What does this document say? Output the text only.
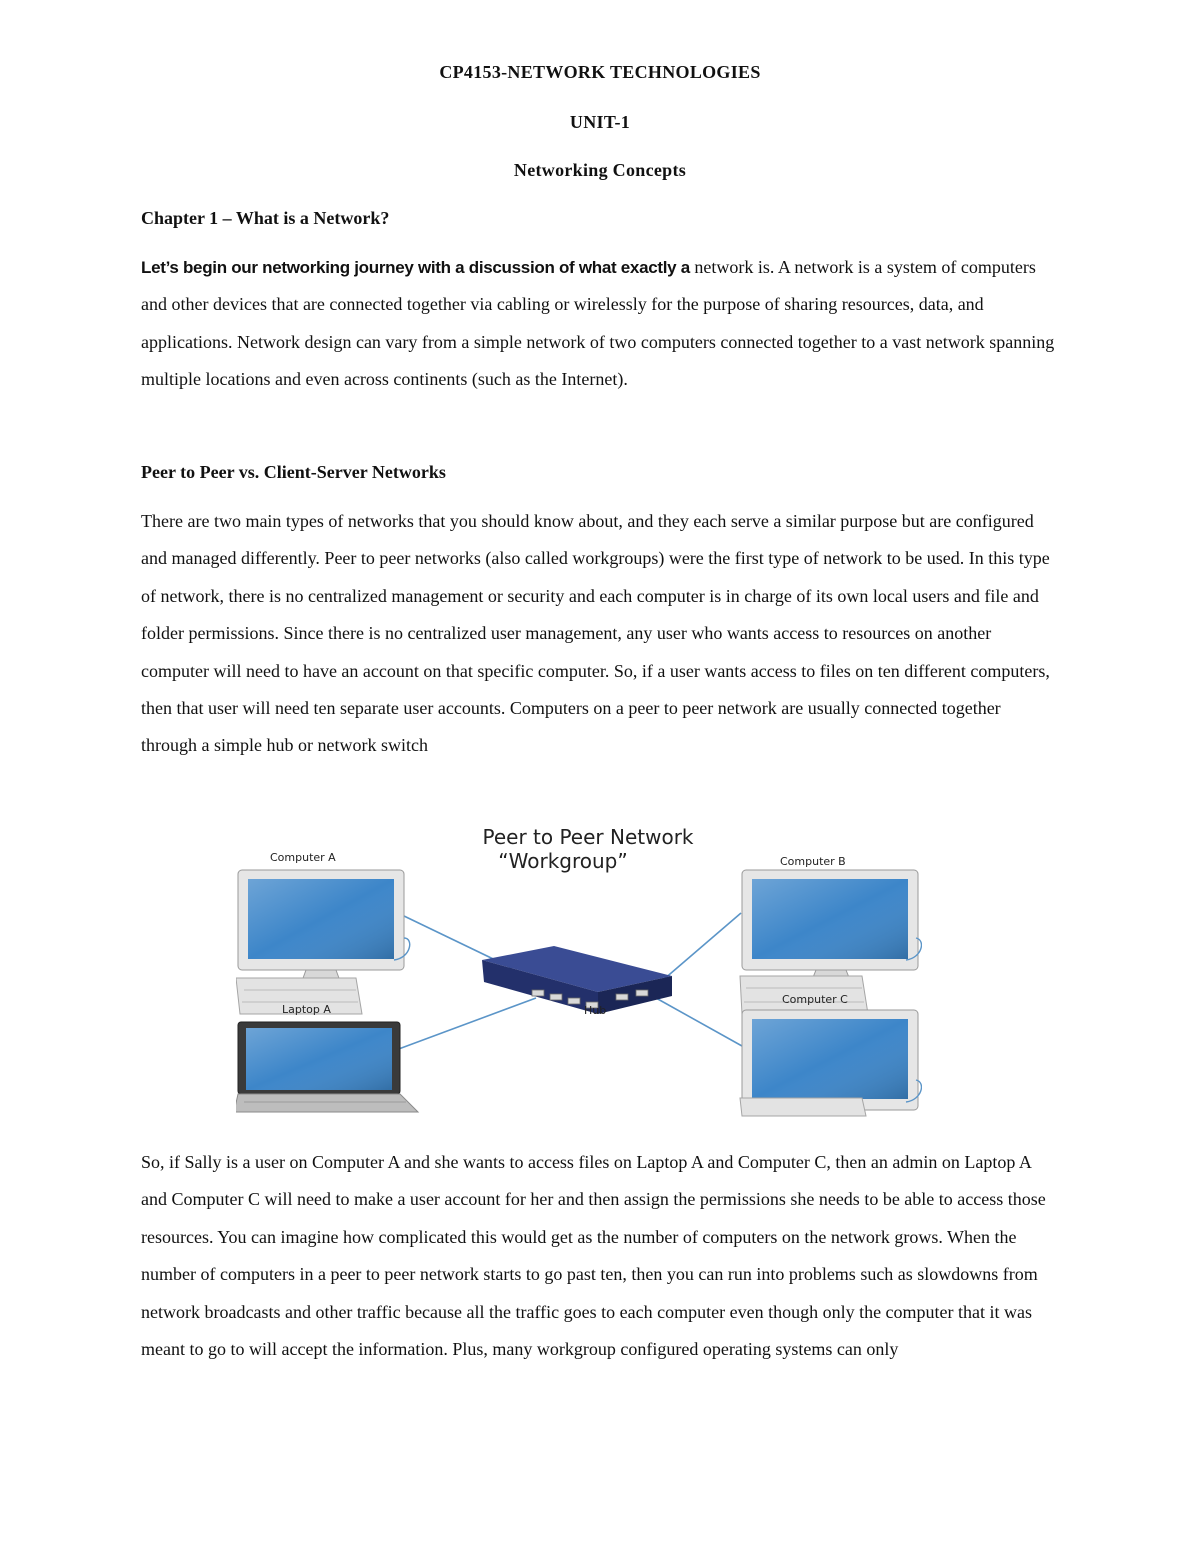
CP4153-NETWORK TECHNOLOGIES
UNIT-1
Networking Concepts
Chapter 1 – What is a Network?
Let’s begin our networking journey with a discussion of what exactly a network is. A network is a system of computers and other devices that are connected together via cabling or wirelessly for the purpose of sharing resources, data, and applications. Network design can vary from a simple network of two computers connected together to a vast network spanning multiple locations and even across continents (such as the Internet).
Peer to Peer vs. Client-Server Networks
There are two main types of networks that you should know about, and they each serve a similar purpose but are configured and managed differently. Peer to peer networks (also called workgroups) were the first type of network to be used. In this type of network, there is no centralized management or security and each computer is in charge of its own local users and file and folder permissions. Since there is no centralized user management, any user who wants access to resources on another computer will need to have an account on that specific computer. So, if a user wants access to files on ten different computers, then that user will need ten separate user accounts. Computers on a peer to peer network are usually connected together through a simple hub or network switch
Peer to Peer Network
“Workgroup”
Computer A	Computer B
Hub
Laptop A
Computer C
So, if Sally is a user on Computer A and she wants to access files on Laptop A and Computer C, then an admin on Laptop A and Computer C will need to make a user account for her and then assign the permissions she needs to be able to access those resources. You can imagine how complicated this would get as the number of computers on the network grows. When the number of computers in a peer to peer network starts to go past ten, then you can run into problems such as slowdowns from network broadcasts and other traffic because all the traffic goes to each computer even though only the computer that it was meant to go to will accept the information. Plus, many workgroup configured operating systems can only
